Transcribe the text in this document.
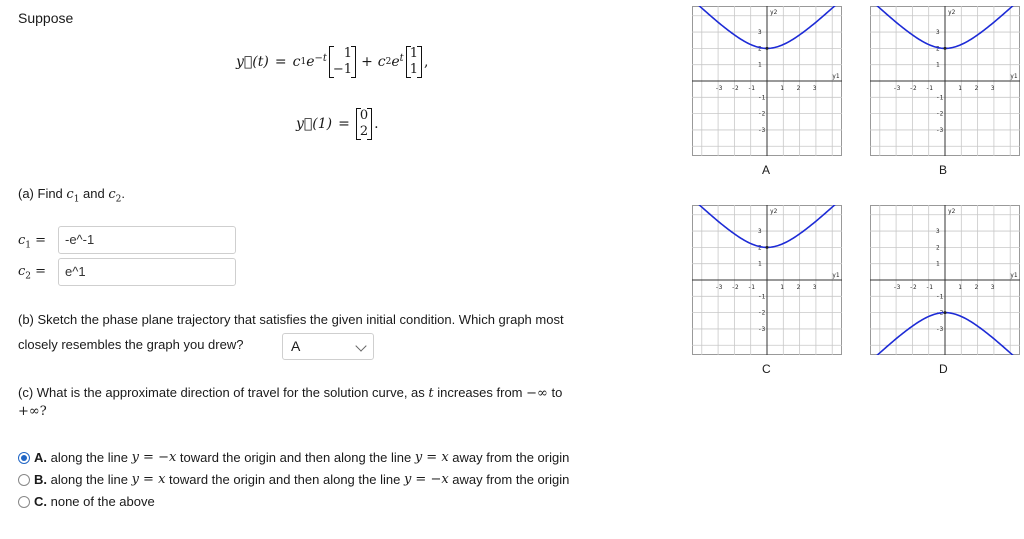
Suppose
y⃗(t) = c 1 $e^{-t}$	1
−1 + c 2 $e^t$ 1
1 ,
y⃗(1) =
0
2 .
(a) Find $c_1$ and $c_2$.
$c_1$ =	-e^-1
$c_2$ =	e^1
(b) Sketch the phase plane trajectory that satisfies the given initial condition. Which graph most
closely resembles the graph you drew?	A
(c) What is the approximate direction of travel for the solution curve, as t increases from −∞ to
+∞?
A. along the line y = −x toward the origin and then along the line y = x away from the origin
B. along the line y = x toward the origin and then along the line y = −x away from the origin
C. none of the above
-3 -2 -1	1 2 3
3
2
1
-1
-2
-3
y1
y2
A
-3 -2 -1	1 2 3
3
2
1
-1
-2
-3
y1
y2
B
-3 -2 -1	1 2 3
3
2
1
-1
-2
-3
y1
y2
C
-3 -2 -1	1 2 3
3
2
1
-1
-2
-3
y1
y2
D
